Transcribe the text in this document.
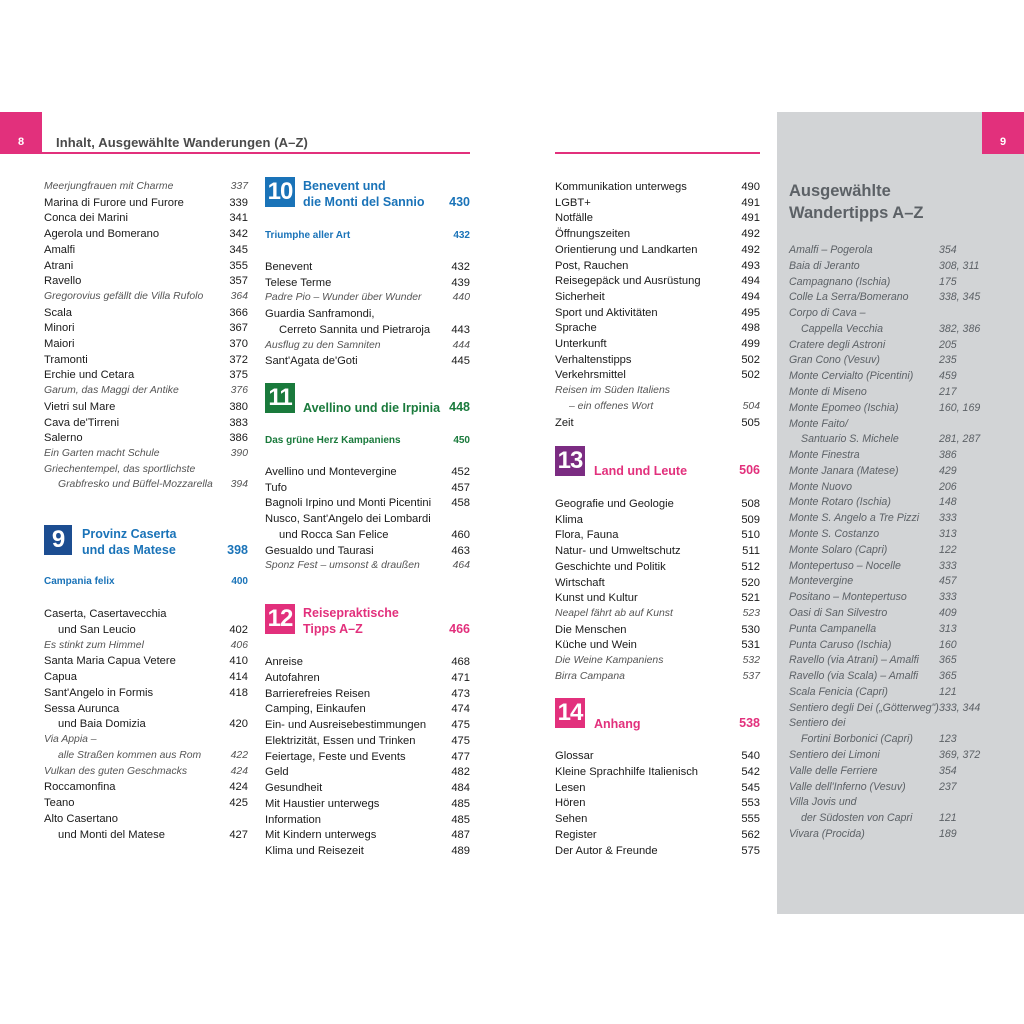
8 Inhalt, Ausgewählte Wanderungen (A–Z)	9
Ausgewählte
Wandertipps A–Z
Amalfi – Pogerola	354
Baia di Jeranto	308, 311
Campagnano (Ischia)	175
Colle La Serra/Bomerano	338, 345
Corpo di Cava –
Cappella Vecchia	382, 386
Cratere degli Astroni	205
Gran Cono (Vesuv)	235
Monte Cervialto (Picentini) 459
Monte di Miseno	217
Monte Epomeo (Ischia)	160, 169
Monte Faito/
Santuario S. Michele	281, 287
Monte Finestra	386
Monte Janara (Matese)	429
Monte Nuovo	206
Monte Rotaro (Ischia)	148
Monte S. Angelo a Tre Pizzi 333
Monte S. Costanzo	313
Monte Solaro (Capri)	122
Montepertuso – Nocelle	333
Montevergine	457
Positano – Montepertuso	333
Oasi di San Silvestro	409
Punta Campanella	313
Punta Caruso (Ischia)	160
Ravello (via Atrani) – Amalfi 365
Ravello (via Scala) – Amalfi 365
Scala Fenicia (Capri)	121
Sentiero degli Dei („Götterweg") 333, 344
Sentiero dei
Fortini Borbonici (Capri) 123
Sentiero dei Limoni	369, 372
Valle delle Ferriere	354
Valle dell'Inferno (Vesuv)	237
Villa Jovis und
der Südosten von Capri	121
Vivara (Procida)	189
Meerjungfrauen mit Charme	337
Marina di Furore und Furore	339
Conca dei Marini	341
Agerola und Bomerano	342
Amalfi	345
Atrani	355
Ravello	357
Gregorovius gefällt die Villa Rufolo	364
Scala	366
Minori	367
Maiori	370
Tramonti	372
Erchie und Cetara	375
Garum, das Maggi der Antike	376
Vietri sul Mare	380
Cava de'Tirreni	383
Salerno	386
Ein Garten macht Schule	390
Griechentempel, das sportlichste
Grabfresko und Büffel-Mozzarella 394
9	Provinz Caserta
und das Matese	398
Campania felix	400
Caserta, Casertavecchia
und San Leucio	402
Es stinkt zum Himmel	406
Santa Maria Capua Vetere	410
Capua	414
Sant'Angelo in Formis	418
Sessa Aurunca
und Baia Domizia	420
Via Appia –
alle Straßen kommen aus Rom	422
Vulkan des guten Geschmacks	424
Roccamonfina	424
Teano	425
Alto Casertano
und Monti del Matese	427
10 Benevent und
die Monti del Sannio	430
Triumphe aller Art	432
Benevent	432
Telese Terme	439
Padre Pio – Wunder über Wunder	440
Guardia Sanframondi,
Cerreto Sannita und Pietraroja 443
Ausflug zu den Samniten	444
Sant'Agata de'Goti	445
11 Avellino und die Irpinia 448
Das grüne Herz Kampaniens	450
Avellino und Montevergine	452
Tufo	457
Bagnoli Irpino und Monti Picentini 458
Nusco, Sant'Angelo dei Lombardi
und Rocca San Felice	460
Gesualdo und Taurasi	463
Sponz Fest – umsonst & draußen	464
12 Reisepraktische
Tipps A–Z	466
Anreise	468
Autofahren	471
Barrierefreies Reisen	473
Camping, Einkaufen	474
Ein- und Ausreisebestimmungen 475
Elektrizität, Essen und Trinken	475
Feiertage, Feste und Events	477
Geld	482
Gesundheit	484
Mit Haustier unterwegs	485
Information	485
Mit Kindern unterwegs	487
Klima und Reisezeit	489
Kommunikation unterwegs	490
LGBT+	491
Notfälle	491
Öffnungszeiten	492
Orientierung und Landkarten	492
Post, Rauchen	493
Reisegepäck und Ausrüstung	494
Sicherheit	494
Sport und Aktivitäten	495
Sprache	498
Unterkunft	499
Verhaltenstipps	502
Verkehrsmittel	502
Reisen im Süden Italiens
– ein offenes Wort	504
Zeit	505
13 Land und Leute	506
Geografie und Geologie	508
Klima	509
Flora, Fauna	510
Natur- und Umweltschutz	511
Geschichte und Politik	512
Wirtschaft	520
Kunst und Kultur	521
Neapel fährt ab auf Kunst	523
Die Menschen	530
Küche und Wein	531
Die Weine Kampaniens	532
Birra Campana	537
14 Anhang	538
Glossar	540
Kleine Sprachhilfe Italienisch	542
Lesen	545
Hören	553
Sehen	555
Register	562
Der Autor & Freunde	575
